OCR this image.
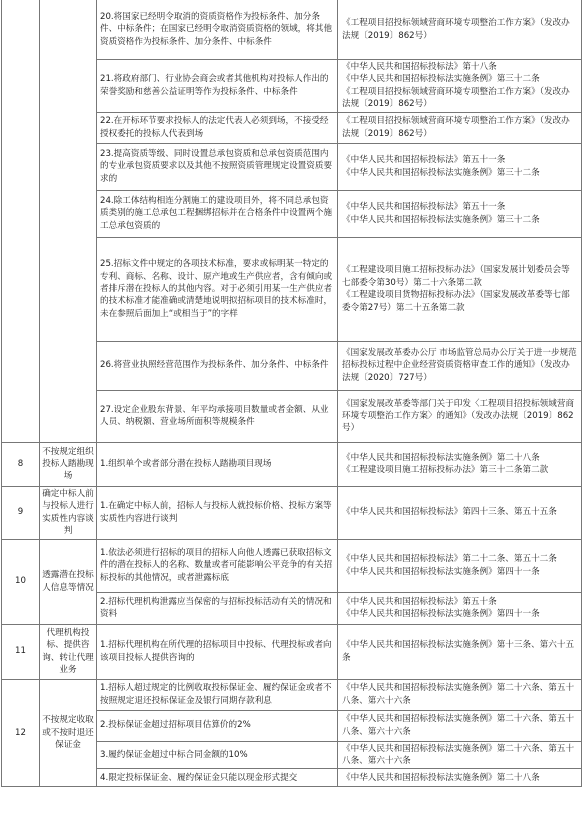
		20.将国家已经明令取消的资质资格作为投标条件、加分条件、中标条件；在国家已经明令取消资质资格的领域，将其他资质资格作为投标条件、加分条件、中标条件	《工程项目招投标领域营商环境专项整治工作方案》（发改办法规〔2019〕862号）

		21.将政府部门、行业协会商会或者其他机构对投标人作出的荣誉奖励和慈善公益证明等作为投标条件、中标条件	《中华人民共和国招标投标法》第十八条
《中华人民共和国招标投标法实施条例》第三十二条
《工程项目招投标领域营商环境专项整治工作方案》（发改办法规〔2019〕862号）

		22.在开标环节要求投标人的法定代表人必须到场，不接受经授权委托的投标人代表到场	《工程项目招投标领域营商环境专项整治工作方案》（发改办法规〔2019〕862号）

		23.提高资质等级、同时设置总承包资质和总承包资质范围内的专业承包资质要求以及其他不按照资质管理规定设置资质要求的	《中华人民共和国招标投标法》第五十一条
《中华人民共和国招标投标法实施条例》第三十二条

		24.除工体结构相连分割施工的建设项目外，将不同总承包资质类别的施工总承包工程捆绑招标并在合格条件中设置两个施工总承包资质的	《中华人民共和国招标投标法》第五十一条
《中华人民共和国招标投标法实施条例》第三十二条

		25.招标文件中规定的各项技术标准，要求或标明某一特定的专利、商标、名称、设计、原产地或生产供应者，含有倾向或者排斥潜在投标人的其他内容。对于必须引用某一生产供应者的技术标准才能准确或清楚地说明拟招标项目的技术标准时，未在参照后面加上“或相当于”的字样	《工程建设项目施工招标投标办法》（国家发展计划委员会等七部委令第30号）第二十六条第二款
《工程建设项目货物招标投标办法》（国家发展改革委等七部委令第27号）第二十五条第二款

		26.将营业执照经营范围作为投标条件、加分条件、中标条件	《国家发展改革委办公厅 市场监管总局办公厅关于进一步规范招标投标过程中企业经营资质资格审查工作的通知》（发改办法规〔2020〕727号）

		27.设定企业股东背景、年平均承接项目数量或者金额、从业人员、纳税额、营业场所面积等规模条件	《国家发展改革委等部门关于印发〈工程项目招投标领域营商环境专项整治工作方案〉的通知》（发改办法规〔2019〕862号）

8	不按规定组织投标人踏勘现场	1.组织单个或者部分潜在投标人踏勘项目现场	《中华人民共和国招标投标法实施条例》第二十八条
《工程建设项目施工招标投标办法》第三十二条第二款

9	确定中标人前与投标人进行实质性内容谈判	1.在确定中标人前，招标人与投标人就投标价格、投标方案等实质性内容进行谈判	《中华人民共和国招标投标法》第四十三条、第五十五条

10	透露潜在投标人信息等情况	1.依法必须进行招标的项目的招标人向他人透露已获取招标文件的潜在投标人的名称、数量或者可能影响公平竞争的有关招标投标的其他情况，或者泄露标底	《中华人民共和国招标投标法》第二十二条、第五十二条
《中华人民共和国招标投标法实施条例》第四十一条

		2.招标代理机构泄露应当保密的与招标投标活动有关的情况和资料	《中华人民共和国招标投标法》第五十条
《中华人民共和国招标投标法实施条例》第四十一条

11	代理机构投标、提供咨询、转让代理业务	1.招标代理机构在所代理的招标项目中投标、代理投标或者向该项目投标人提供咨询的	《中华人民共和国招标投标法实施条例》第十三条、第六十五条

12	不按规定收取或不按时退还保证金	1.招标人超过规定的比例收取投标保证金、履约保证金或者不按照规定退还投标保证金及银行同期存款利息	《中华人民共和国招标投标法实施条例》第二十六条、第五十八条、第六十六条

		2.投标保证金超过招标项目估算价的2%	《中华人民共和国招标投标法实施条例》第二十六条、第五十八条、第六十六条

		3.履约保证金超过中标合同金额的10%	《中华人民共和国招标投标法实施条例》第二十六条、第五十八条、第六十六条

		4.限定投标保证金、履约保证金只能以现金形式提交	《中华人民共和国招标投标法实施条例》第二十八条
